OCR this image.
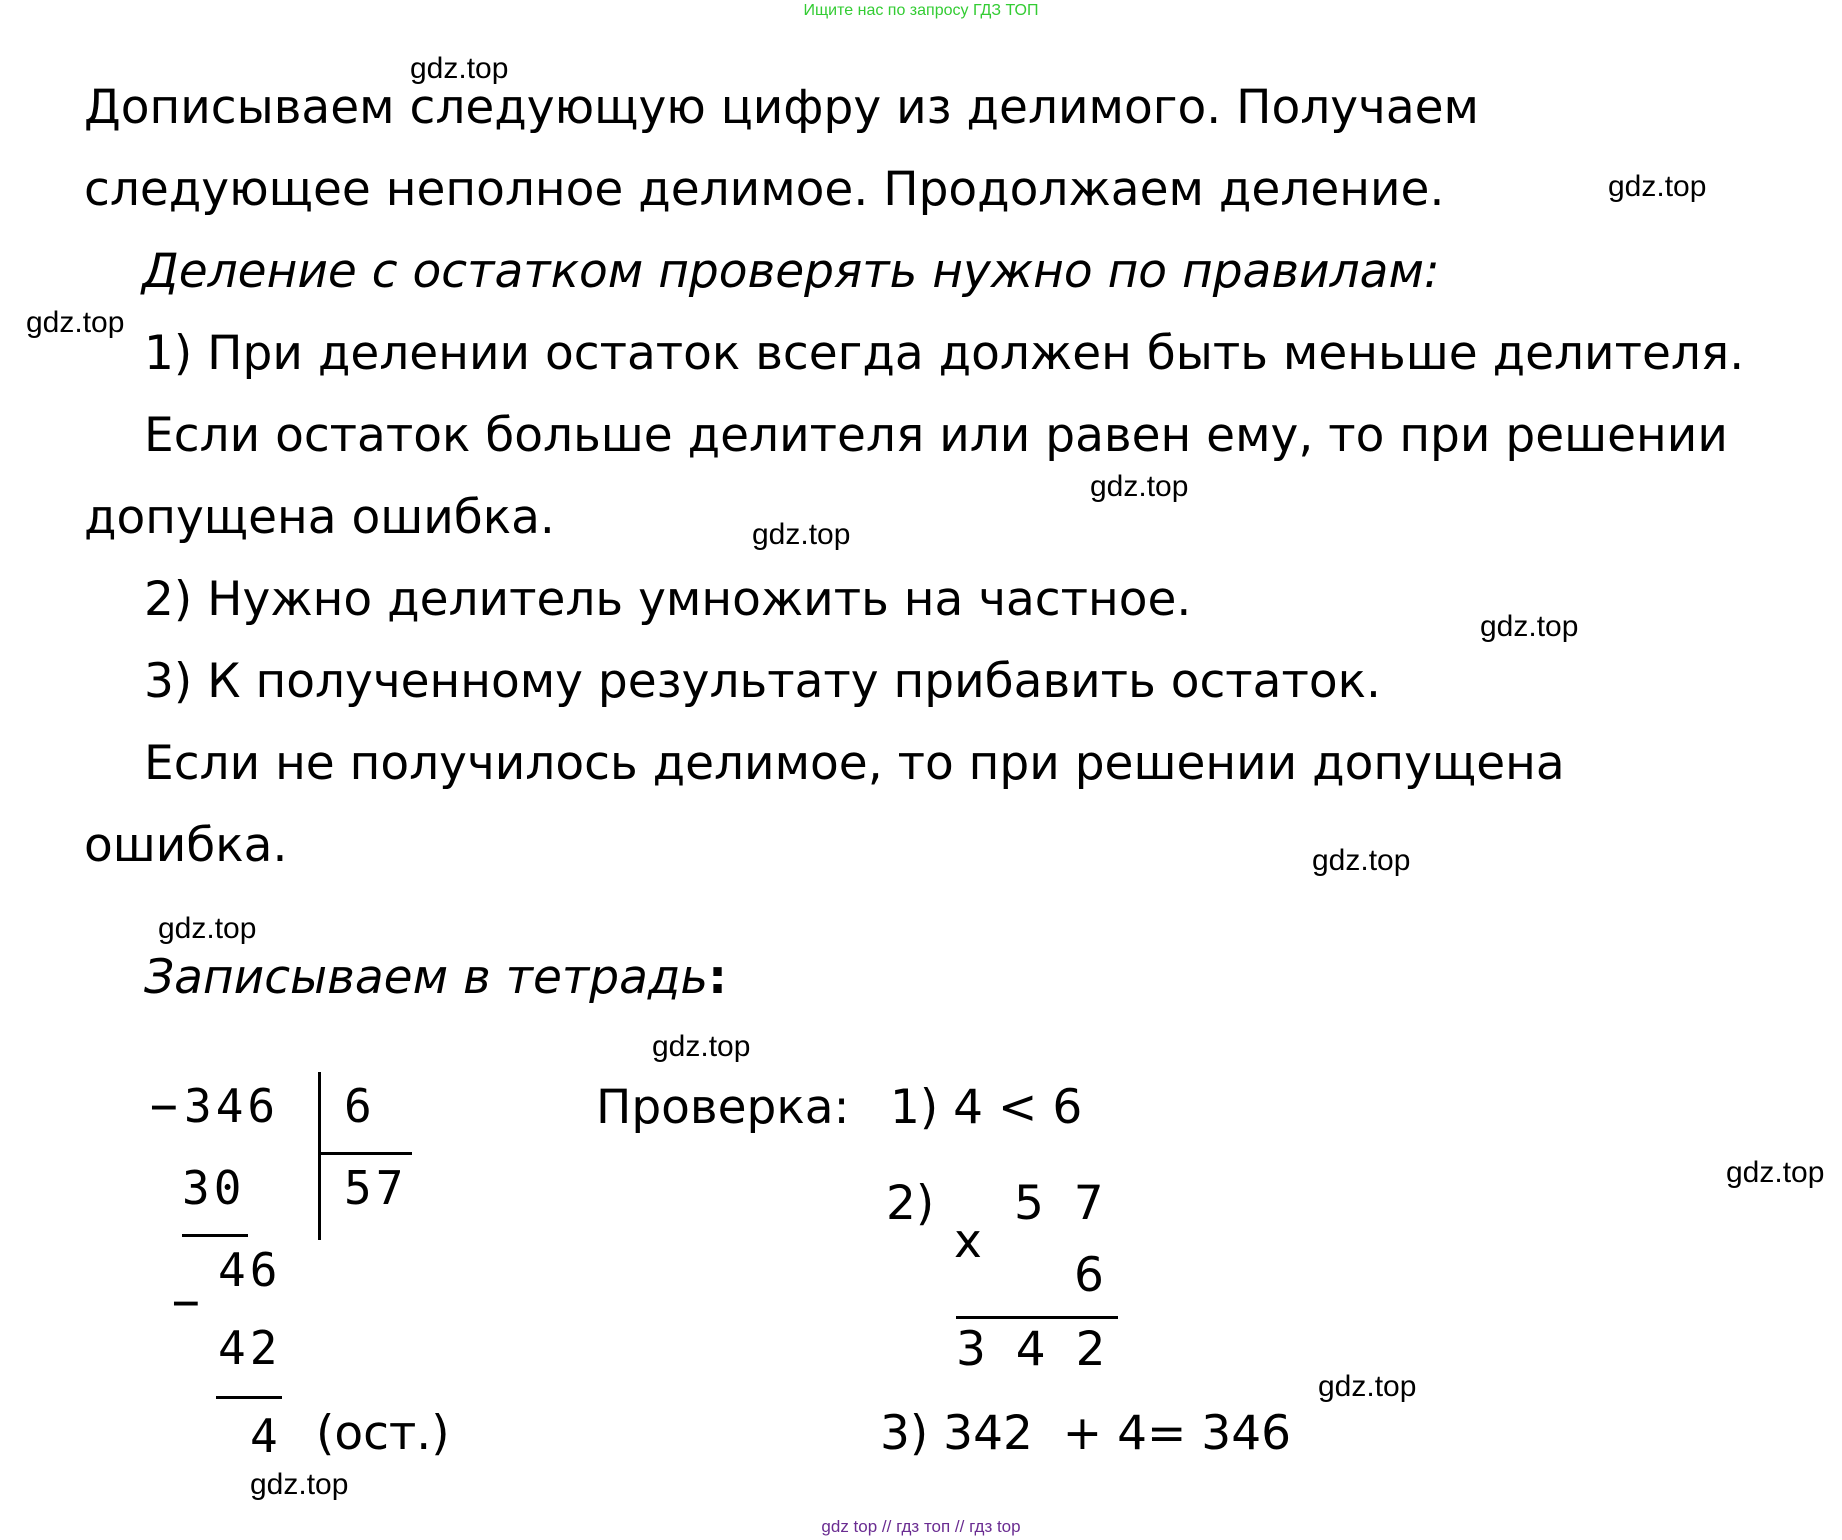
Ищите нас по запросу ГДЗ ТОП
gdz.top
gdz.top
gdz.top
gdz.top
gdz.top
gdz.top
gdz.top
gdz.top
gdz.top
gdz.top
gdz.top
gdz.top
Дописываем следующую цифру из делимого. Получаем
следующее неполное делимое. Продолжаем деление.
Деление с остатком проверять нужно по правилам:
1) При делении остаток всегда должен быть меньше делителя.
Если остаток больше делителя или равен ему, то при решении
допущена ошибка.
2) Нужно делитель умножить на частное.
3) К полученному результату прибавить остаток.
Если не получилось делимое, то при решении допущена
ошибка.
Записываем в тетрадь:
− 346 6
30 57
46
−
42
4 (ост.)
Проверка: 1) 4 < 6
2)
x
5  7
6
3  4  2
3) 342  + 4= 346
gdz top // гдз топ // гдз top
